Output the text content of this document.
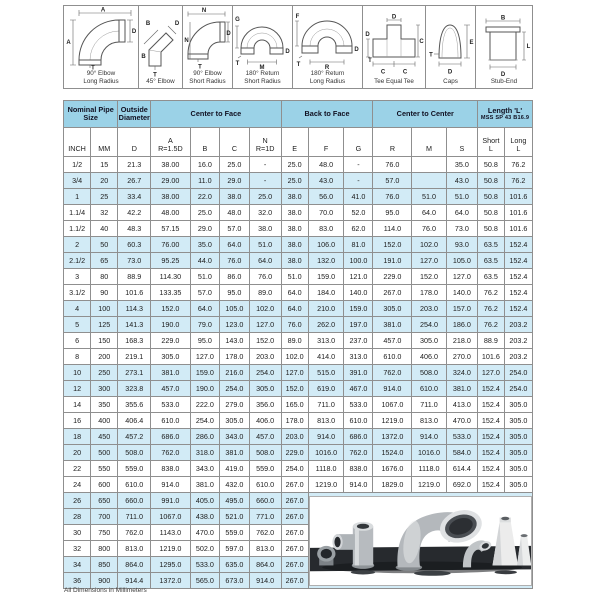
A
A
D
T
90° Elbow
Long Radius
B	D
B
T
45° Elbow
N
N
D
T
90° Elbow
Short Radius
G
D
M
T
180° Return
Short Radius
F
D
R
T
180° Return
Long Radius
D
D
C
C	C
T
Tee Equal Tee
E
D
T
Caps
B
L
D
Stub-End
Nominal Pipe Size		Outside Diameter	Center to Face				Back to Face			Center to Center			Length 'L'
MSS SP 43 B16.9	

INCH	MM	D

A
R=1.5D	B	C

N
R=1D	E	F	G	R	M	S

Short
L

Long
L

1/2	15	21.3	38.00	16.0	25.0	-	25.0	48.0	-	76.0		35.0	50.8	76.2
3/4	20	26.7	29.00	11.0	29.0	-	25.0	43.0	-	57.0		43.0	50.8	76.2
1	25	33.4	38.00	22.0	38.0	25.0	38.0	56.0	41.0	76.0	51.0	51.0	50.8	101.6
1.1/4	32	42.2	48.00	25.0	48.0	32.0	38.0	70.0	52.0	95.0	64.0	64.0	50.8	101.6
1.1/2	40	48.3	57.15	29.0	57.0	38.0	38.0	83.0	62.0	114.0	76.0	73.0	50.8	101.6
2	50	60.3	76.00	35.0	64.0	51.0	38.0	106.0	81.0	152.0	102.0	93.0	63.5	152.4
2.1/2	65	73.0	95.25	44.0	76.0	64.0	38.0	132.0	100.0	191.0	127.0	105.0	63.5	152.4
3	80	88.9	114.30	51.0	86.0	76.0	51.0	159.0	121.0	229.0	152.0	127.0	63.5	152.4
3.1/2	90	101.6	133.35	57.0	95.0	89.0	64.0	184.0	140.0	267.0	178.0	140.0	76.2	152.4
4	100	114.3	152.0	64.0	105.0	102.0	64.0	210.0	159.0	305.0	203.0	157.0	76.2	152.4
5	125	141.3	190.0	79.0	123.0	127.0	76.0	262.0	197.0	381.0	254.0	186.0	76.2	203.2
6	150	168.3	229.0	95.0	143.0	152.0	89.0	313.0	237.0	457.0	305.0	218.0	88.9	203.2
8	200	219.1	305.0	127.0	178.0	203.0	102.0	414.0	313.0	610.0	406.0	270.0	101.6	203.2
10	250	273.1	381.0	159.0	216.0	254.0	127.0	515.0	391.0	762.0	508.0	324.0	127.0	254.0
12	300	323.8	457.0	190.0	254.0	305.0	152.0	619.0	467.0	914.0	610.0	381.0	152.4	254.0
14	350	355.6	533.0	222.0	279.0	356.0	165.0	711.0	533.0	1067.0	711.0	413.0	152.4	305.0
16	400	406.4	610.0	254.0	305.0	406.0	178.0	813.0	610.0	1219.0	813.0	470.0	152.4	305.0
18	450	457.2	686.0	286.0	343.0	457.0	203.0	914.0	686.0	1372.0	914.0	533.0	152.4	305.0
20	500	508.0	762.0	318.0	381.0	508.0	229.0	1016.0	762.0	1524.0	1016.0	584.0	152.4	305.0
22	550	559.0	838.0	343.0	419.0	559.0	254.0	1118.0	838.0	1676.0	1118.0	614.4	152.4	305.0
24	600	610.0	914.0	381.0	432.0	610.0	267.0	1219.0	914.0	1829.0	1219.0	692.0	152.4	305.0
26	650	660.0	991.0	405.0	495.0	660.0	267.0	

28	700	711.0	1067.0	438.0	521.0	771.0	267.0							
30	750	762.0	1143.0	470.0	559.0	762.0	267.0							
32	800	813.0	1219.0	502.0	597.0	813.0	267.0							
34	850	864.0	1295.0	533.0	635.0	864.0	267.0							
36	900	914.4	1372.0	565.0	673.0	914.0	267.0							
All Dimensions in Millimeters
